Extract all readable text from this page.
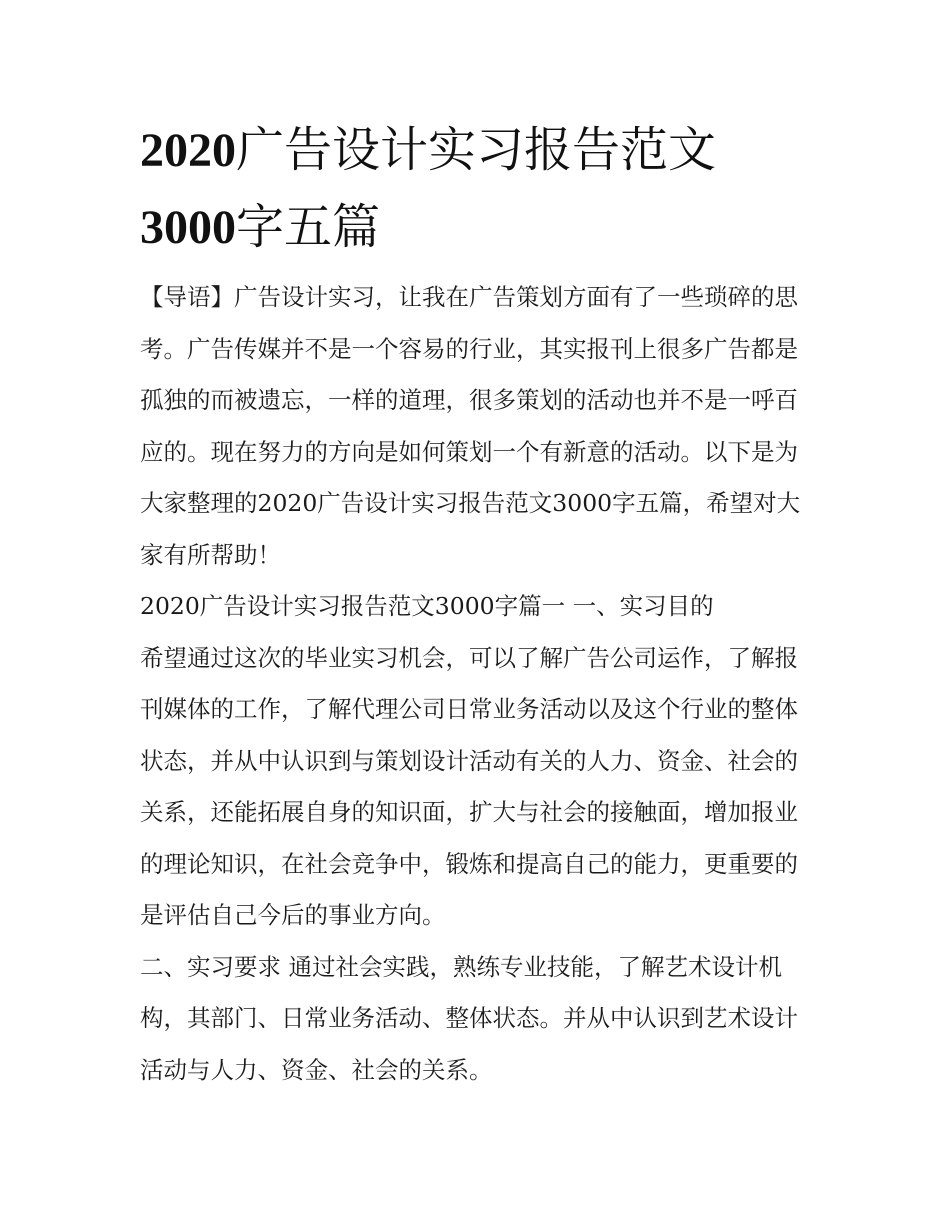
2020广告设计实习报告范文
3000字五篇

【导语】广告设计实习，让我在广告策划方面有了一些琐碎的思考。广告传媒并不是一个容易的行业，其实报刊上很多广告都是孤独的而被遗忘，一样的道理，很多策划的活动也并不是一呼百应的。现在努力的方向是如何策划一个有新意的活动。以下是为大家整理的2020广告设计实习报告范文3000字五篇，希望对大家有所帮助！

2020广告设计实习报告范文3000字篇一 一、实习目的

希望通过这次的毕业实习机会，可以了解广告公司运作，了解报刊媒体的工作，了解代理公司日常业务活动以及这个行业的整体状态，并从中认识到与策划设计活动有关的人力、资金、社会的关系，还能拓展自身的知识面，扩大与社会的接触面，增加报业的理论知识，在社会竞争中，锻炼和提高自己的能力，更重要的是评估自己今后的事业方向。

二、实习要求 通过社会实践，熟练专业技能，了解艺术设计机构，其部门、日常业务活动、整体状态。并从中认识到艺术设计活动与人力、资金、社会的关系。
